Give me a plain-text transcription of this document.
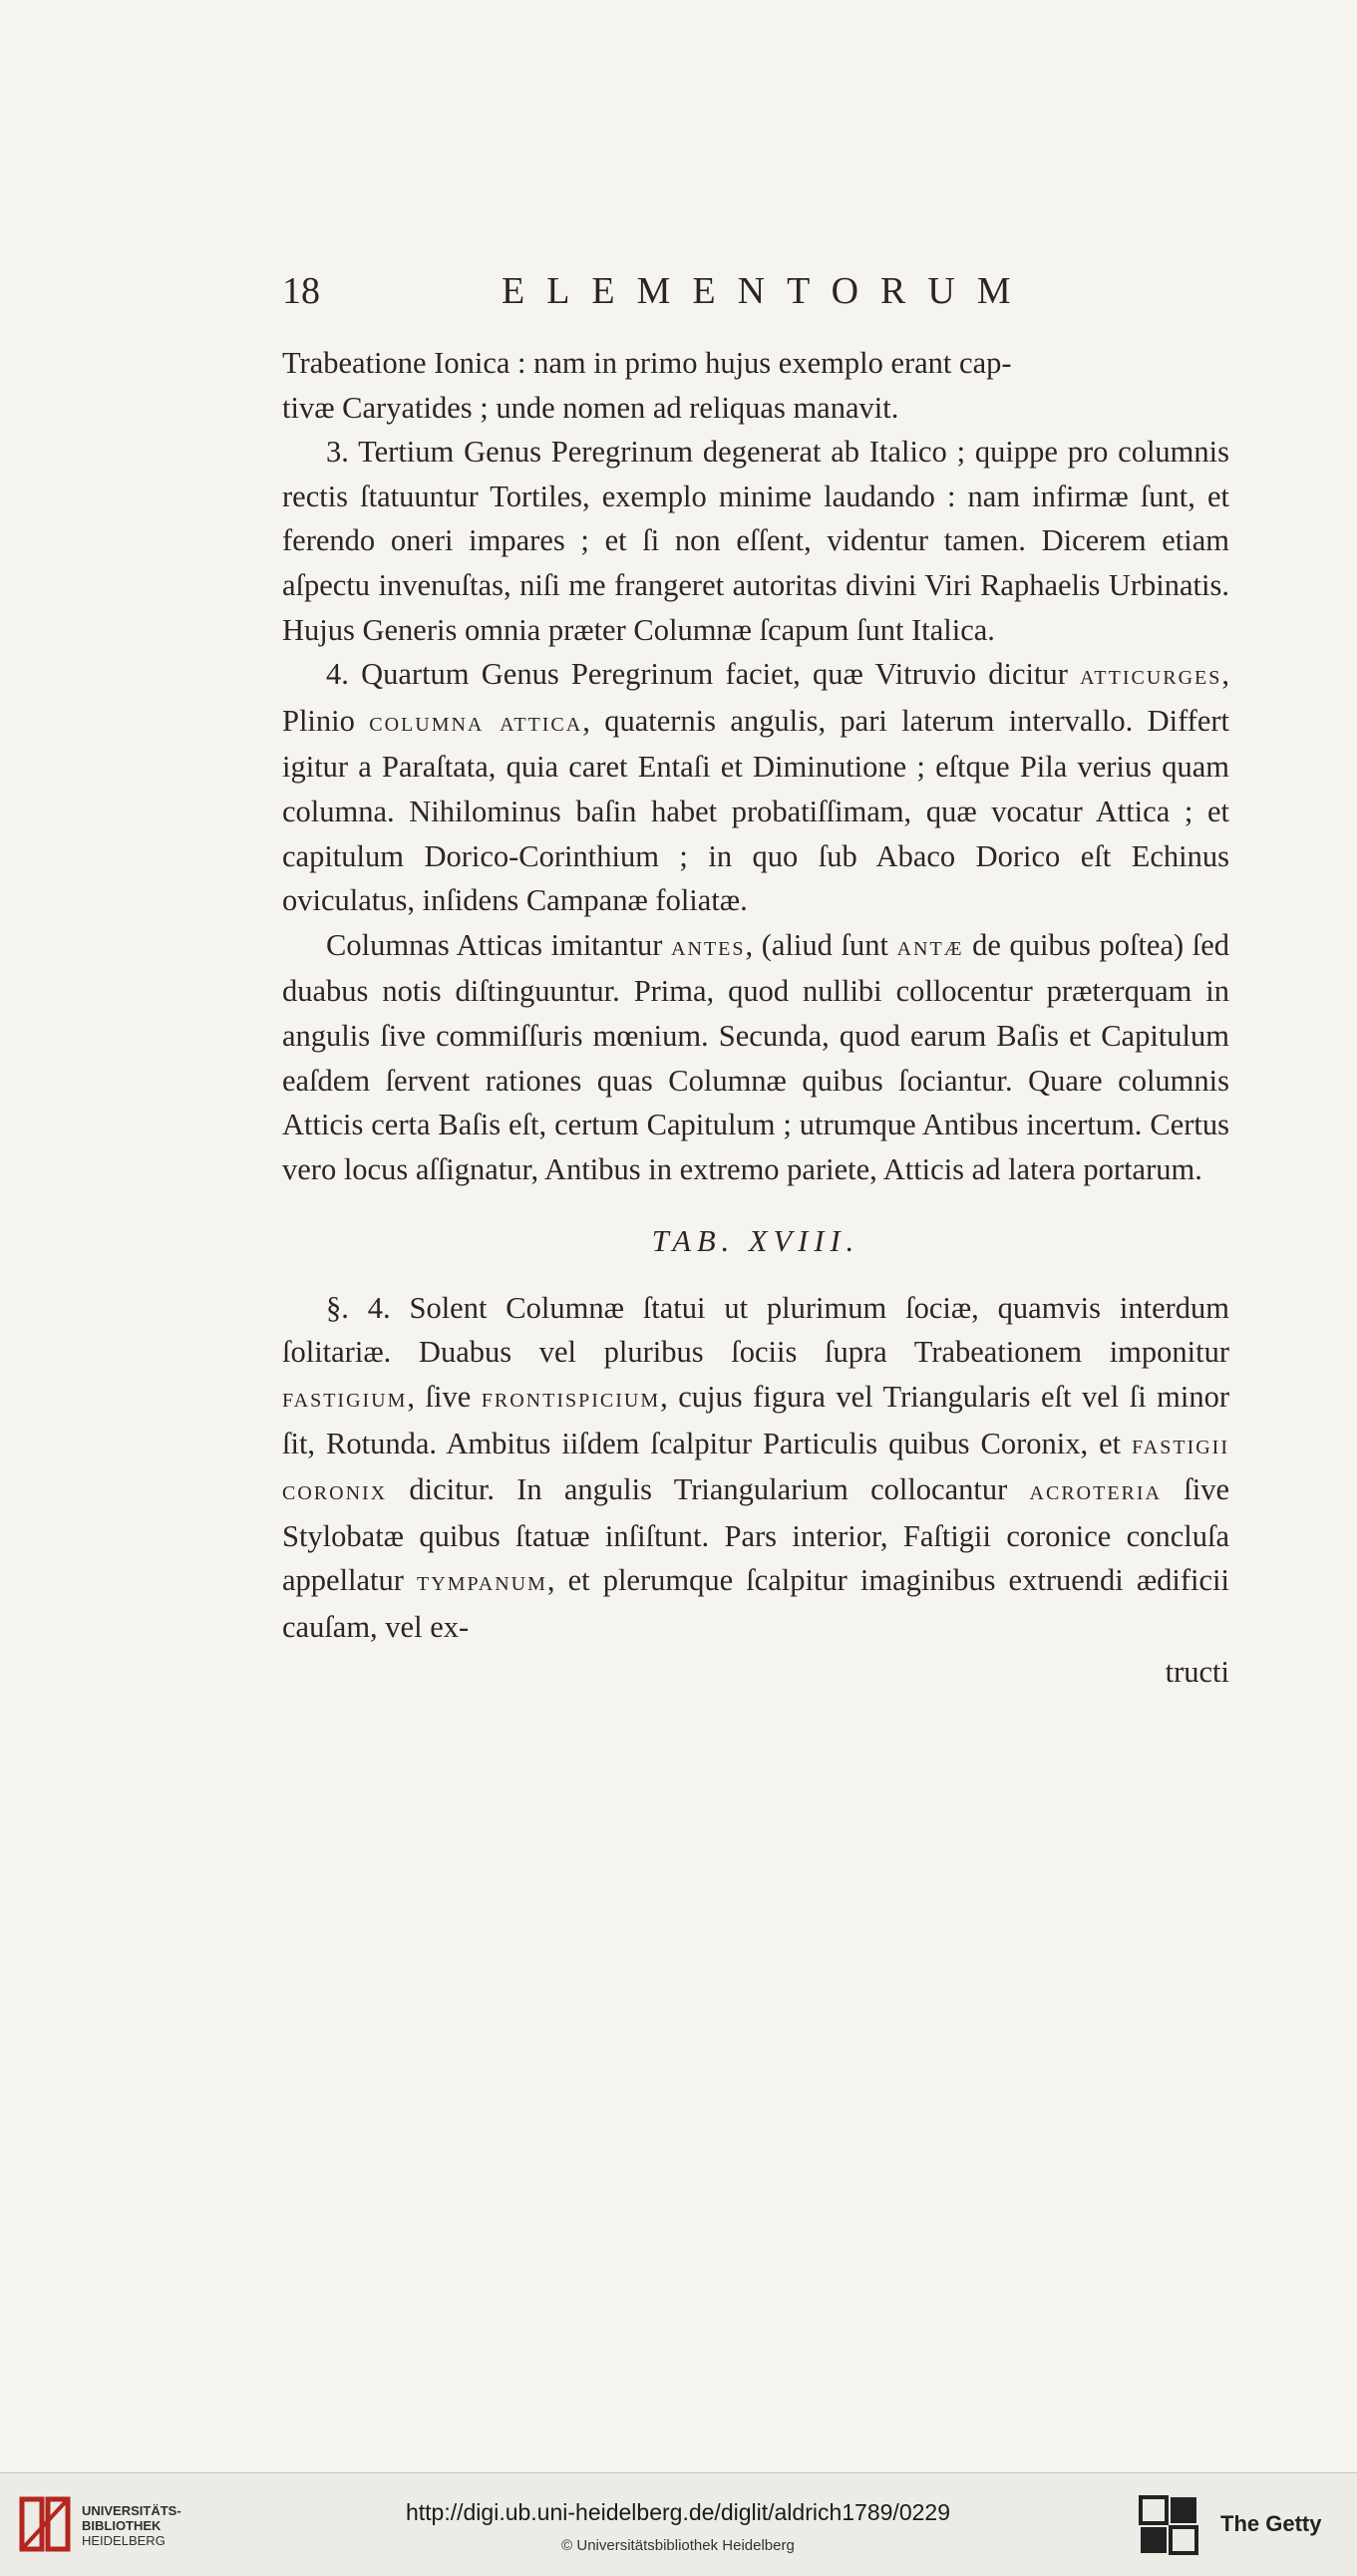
18	ELEMENTORUM

Trabeatione Ionica : nam in primo hujus exemplo erant cap-

tivæ Caryatides ; unde nomen ad reliquas manavit.

3. Tertium Genus Peregrinum degenerat ab Italico ; quippe pro columnis rectis ſtatuuntur Tortiles, exemplo minime laudando : nam infirmæ ſunt, et ferendo oneri impares ; et ſi non eſſent, videntur tamen. Dicerem etiam aſpectu invenuſtas, niſi me frangeret autoritas divini Viri Raphaelis Urbinatis. Hujus Generis omnia præter Columnæ ſcapum ſunt Italica.

4. Quartum Genus Peregrinum faciet, quæ Vitruvio dicitur atticurges, Plinio columna attica, quaternis angulis, pari laterum intervallo. Differt igitur a Paraſtata, quia caret Entaſi et Diminutione ; eſtque Pila verius quam columna. Nihilominus baſin habet probatiſſimam, quæ vocatur Attica ; et capitulum Dorico-Corinthium ; in quo ſub Abaco Dorico eſt Echinus oviculatus, inſidens Campanæ foliatæ.

Columnas Atticas imitantur antes, (aliud ſunt antæ de quibus poſtea) ſed duabus notis diſtinguuntur. Prima, quod nullibi collocentur præterquam in angulis ſive commiſſuris mœnium. Secunda, quod earum Baſis et Capitulum eaſdem ſervent rationes quas Columnæ quibus ſociantur. Quare columnis Atticis certa Baſis eſt, certum Capitulum ; utrumque Antibus incertum. Certus vero locus aſſignatur, Antibus in extremo pariete, Atticis ad latera portarum.

TAB. XVIII.

§. 4. Solent Columnæ ſtatui ut plurimum ſociæ, quamvis interdum ſolitariæ. Duabus vel pluribus ſociis ſupra Trabeationem imponitur fastigium, ſive frontispicium, cujus figura vel Triangularis eſt vel ſi minor ſit, Rotunda. Ambitus iiſdem ſcalpitur Particulis quibus Coronix, et fastigii coronix dicitur. In angulis Triangularium collocantur acroteria ſive Stylobatæ quibus ſtatuæ inſiſtunt. Pars interior, Faſtigii coronice concluſa appellatur tympanum, et plerumque ſcalpitur imaginibus extruendi ædificii cauſam, vel ex-

tructi

UNIVERSITÄTS-
BIBLIOTHEK
HEIDELBERG
http://digi.ub.uni-heidelberg.de/diglit/aldrich1789/0229
© Universitätsbibliothek Heidelberg
The Getty
